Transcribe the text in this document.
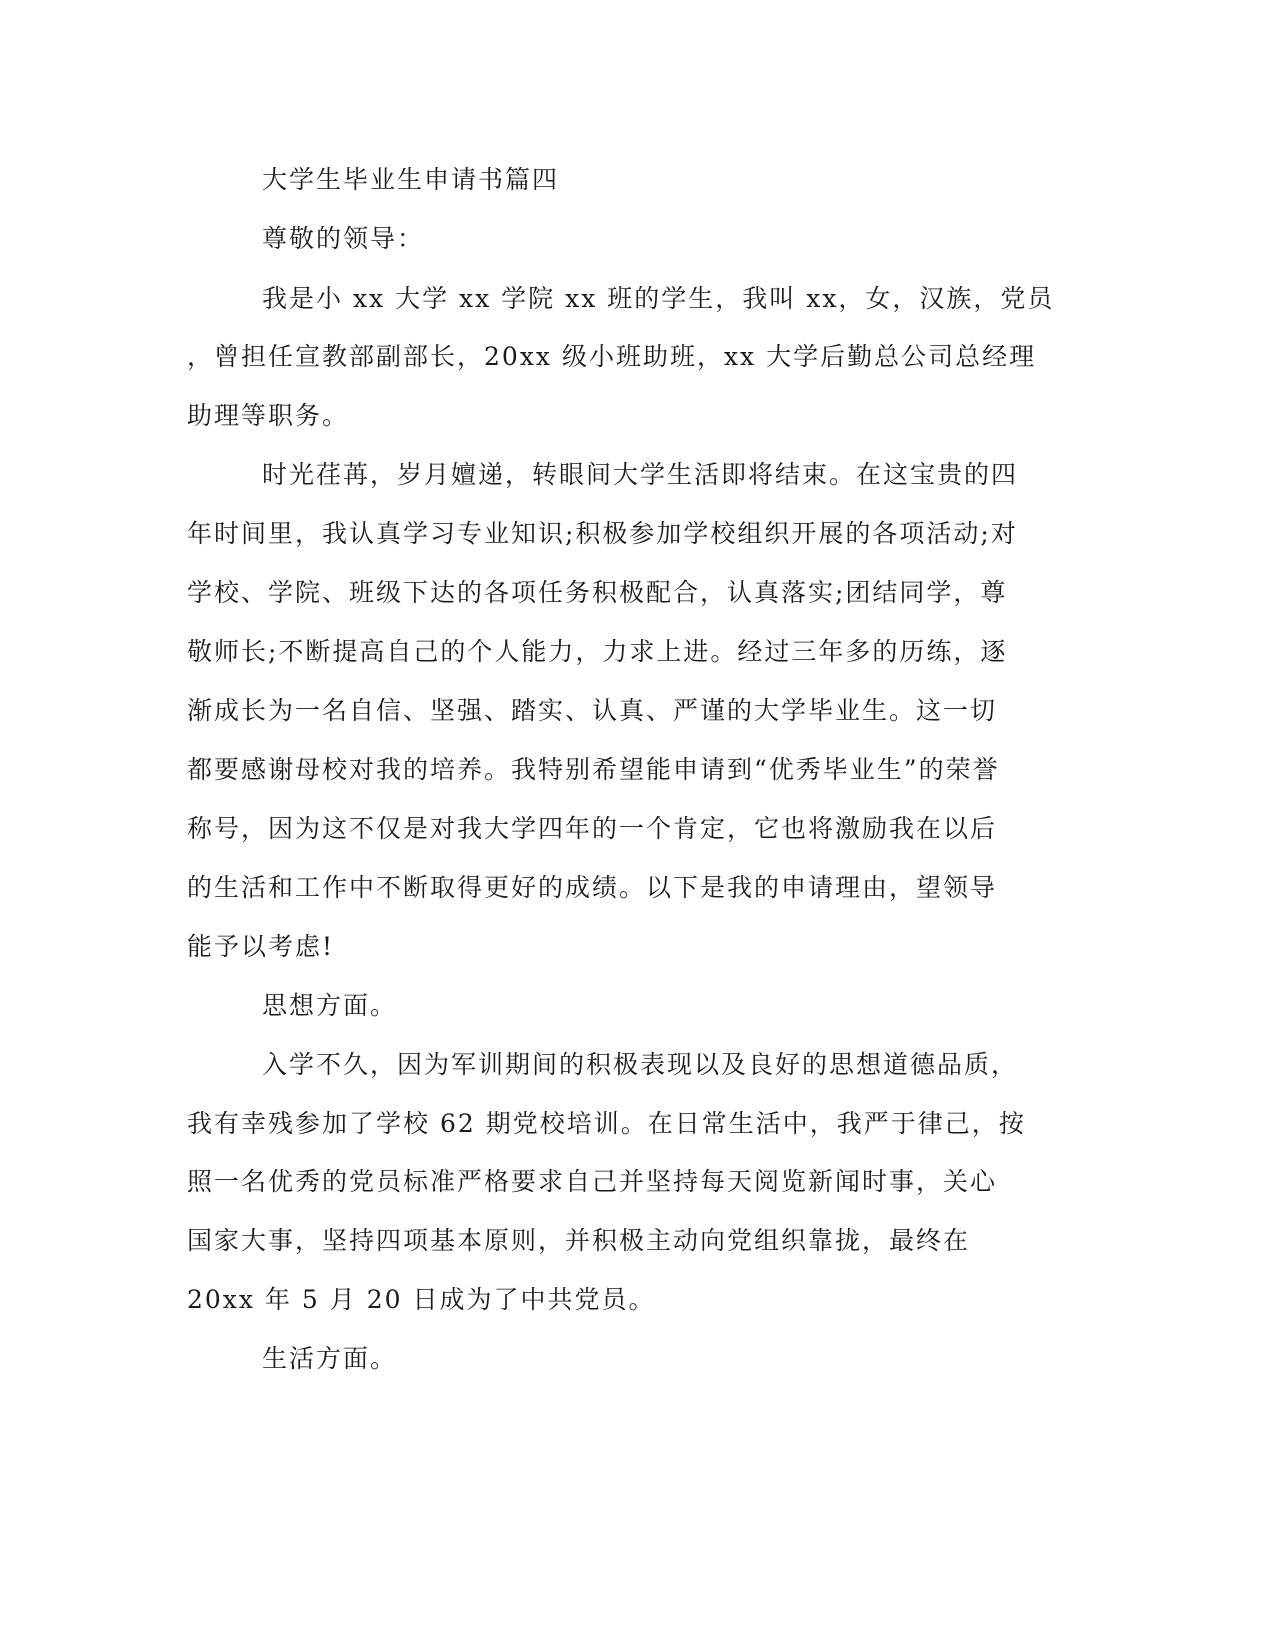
大学生毕业生申请书篇四
尊敬的领导：
我是小 xx 大学 xx 学院 xx 班的学生，我叫 xx，女，汉族，党员
，曾担任宣教部副部长，20xx 级小班助班，xx 大学后勤总公司总经理
助理等职务。
时光荏苒，岁月嬗递，转眼间大学生活即将结束。在这宝贵的四
年时间里，我认真学习专业知识;积极参加学校组织开展的各项活动;对
学校、学院、班级下达的各项任务积极配合，认真落实;团结同学，尊
敬师长;不断提高自己的个人能力，力求上进。经过三年多的历练，逐
渐成长为一名自信、坚强、踏实、认真、严谨的大学毕业生。这一切
都要感谢母校对我的培养。我特别希望能申请到“优秀毕业生”的荣誉
称号，因为这不仅是对我大学四年的一个肯定，它也将激励我在以后
的生活和工作中不断取得更好的成绩。以下是我的申请理由，望领导
能予以考虑!
思想方面。
入学不久，因为军训期间的积极表现以及良好的思想道德品质，
我有幸残参加了学校 62 期党校培训。在日常生活中，我严于律己，按
照一名优秀的党员标准严格要求自己并坚持每天阅览新闻时事，关心
国家大事，坚持四项基本原则，并积极主动向党组织靠拢，最终在
20xx 年 5 月 20 日成为了中共党员。
生活方面。
